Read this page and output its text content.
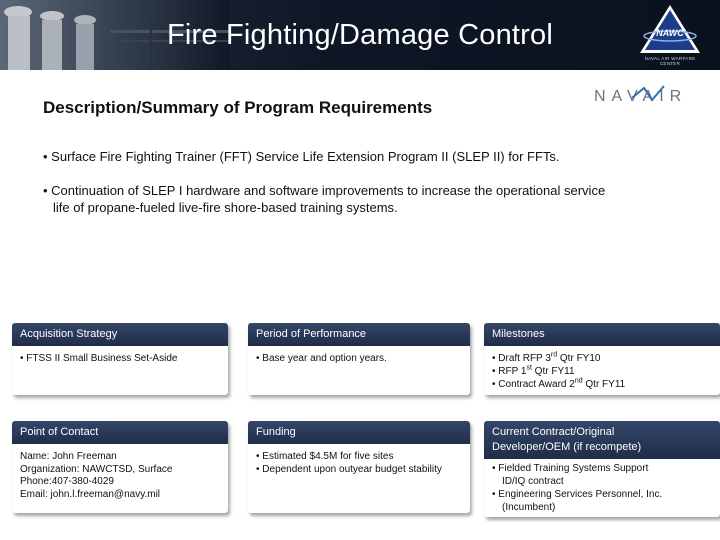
Fire Fighting/Damage Control	NAWC
NAVAL AIR WARFARE CENTER
NAVAIR
Description/Summary of Program Requirements
• Surface Fire Fighting Trainer (FFT) Service Life Extension Program II (SLEP II) for FFTs.
• Continuation of SLEP I hardware and software improvements to increase the operational service
life of propane-fueled live-fire shore-based training systems.
Acquisition Strategy
• FTSS II Small Business Set-Aside
Period of Performance
• Base year and option years.
Milestones
• Draft RFP 3rd Qtr FY10
• RFP 1st Qtr FY11
• Contract Award 2nd Qtr FY11
Point of Contact
Name: John Freeman
Organization: NAWCTSD, Surface
Phone:407-380-4029
Email: john.l.freeman@navy.mil
Funding
• Estimated $4.5M for five sites
• Dependent upon outyear budget stability
Current Contract/Original
Developer/OEM (if recompete)
• Fielded Training Systems Support
ID/IQ contract
• Engineering Services Personnel, Inc.
(Incumbent)
